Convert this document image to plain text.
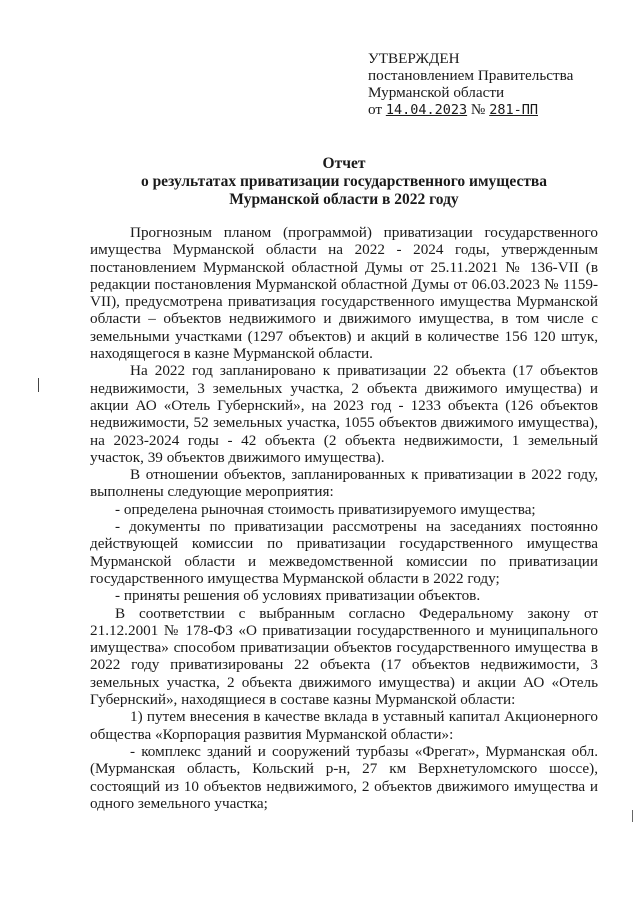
УТВЕРЖДЕН
постановлением Правительства
Мурманской области
от 14.04.2023 № 281-ПП
Отчет
о результатах приватизации государственного имущества
Мурманской области в 2022 году
Прогнозным планом (программой) приватизации государственного имущества Мурманской области на 2022 - 2024 годы, утвержденным постановлением Мурманской областной Думы от 25.11.2021 № 136-VII (в редакции постановления Мурманской областной Думы от 06.03.2023 № 1159-VII), предусмотрена приватизация государственного имущества Мурманской области – объектов недвижимого и движимого имущества, в том числе с земельными участками (1297 объектов) и акций в количестве 156 120 штук, находящегося в казне Мурманской области.
На 2022 год запланировано к приватизации 22 объекта (17 объектов недвижимости, 3 земельных участка, 2 объекта движимого имущества) и акции АО «Отель Губернский», на 2023 год - 1233 объекта (126 объектов недвижимости, 52 земельных участка, 1055 объектов движимого имущества), на 2023-2024 годы - 42 объекта (2 объекта недвижимости, 1 земельный участок, 39 объектов движимого имущества).
В отношении объектов, запланированных к приватизации в 2022 году, выполнены следующие мероприятия:
- определена рыночная стоимость приватизируемого имущества;
- документы по приватизации рассмотрены на заседаниях постоянно действующей комиссии по приватизации государственного имущества Мурманской области и межведомственной комиссии по приватизации государственного имущества Мурманской области в 2022 году;
- приняты решения об условиях приватизации объектов.
В соответствии с выбранным согласно Федеральному закону от 21.12.2001 № 178-ФЗ «О приватизации государственного и муниципального имущества» способом приватизации объектов государственного имущества в 2022 году приватизированы 22 объекта (17 объектов недвижимости, 3 земельных участка, 2 объекта движимого имущества) и акции АО «Отель Губернский», находящиеся в составе казны Мурманской области:
1) путем внесения в качестве вклада в уставный капитал Акционерного общества «Корпорация развития Мурманской области»:
- комплекс зданий и сооружений турбазы «Фрегат», Мурманская обл. (Мурманская область, Кольский р-н, 27 км Верхнетуломского шоссе), состоящий из 10 объектов недвижимого, 2 объектов движимого имущества и одного земельного участка;
